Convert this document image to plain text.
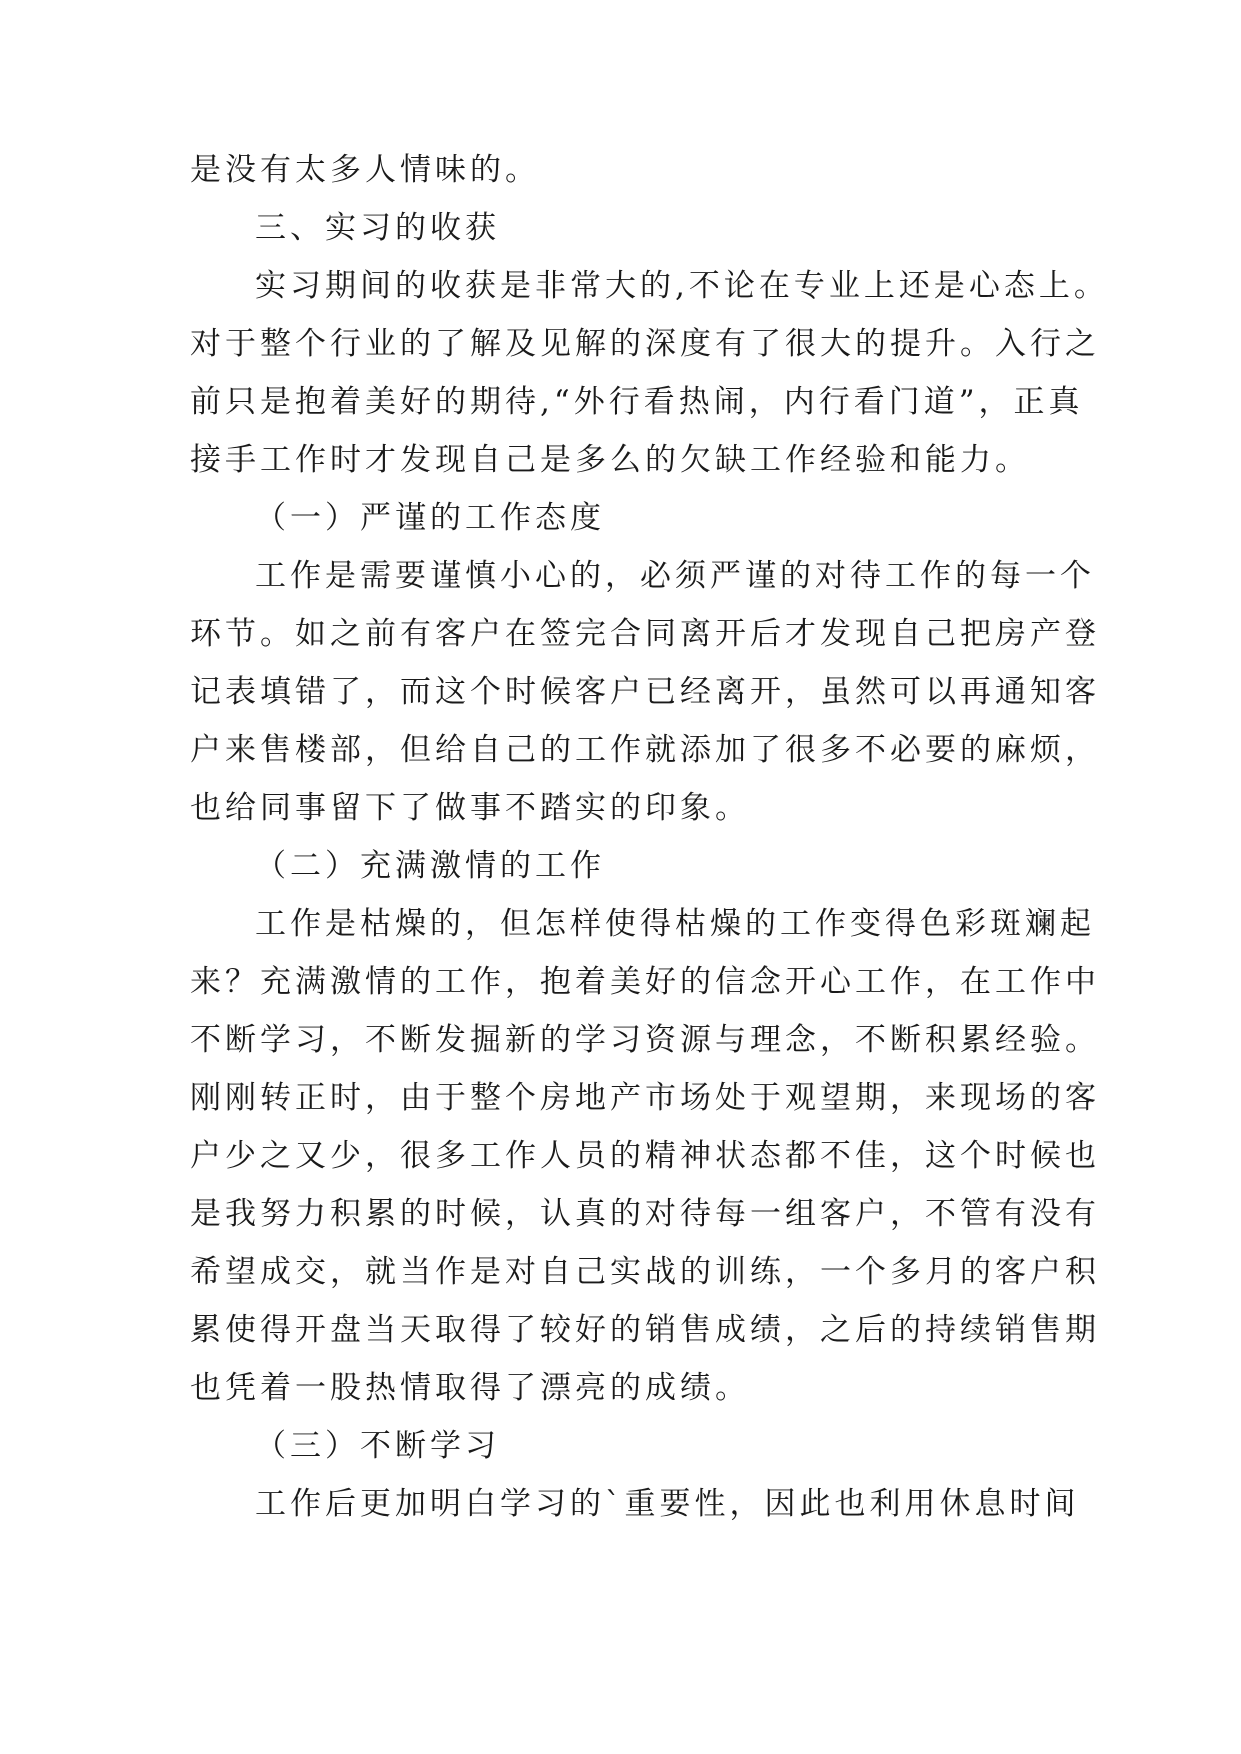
是没有太多人情味的。
三、实习的收获
实习期间的收获是非常大的,不论在专业上还是心态上。
对于整个行业的了解及见解的深度有了很大的提升。入行之
前只是抱着美好的期待,“外行看热闹，内行看门道”，正真
接手工作时才发现自己是多么的欠缺工作经验和能力。
（一）严谨的工作态度
工作是需要谨慎小心的，必须严谨的对待工作的每一个
环节。如之前有客户在签完合同离开后才发现自己把房产登
记表填错了，而这个时候客户已经离开，虽然可以再通知客
户来售楼部，但给自己的工作就添加了很多不必要的麻烦，
也给同事留下了做事不踏实的印象。
（二）充满激情的工作
工作是枯燥的，但怎样使得枯燥的工作变得色彩斑斓起
来？充满激情的工作，抱着美好的信念开心工作，在工作中
不断学习，不断发掘新的学习资源与理念，不断积累经验。
刚刚转正时，由于整个房地产市场处于观望期，来现场的客
户少之又少，很多工作人员的精神状态都不佳，这个时候也
是我努力积累的时候，认真的对待每一组客户，不管有没有
希望成交，就当作是对自己实战的训练，一个多月的客户积
累使得开盘当天取得了较好的销售成绩，之后的持续销售期
也凭着一股热情取得了漂亮的成绩。
（三）不断学习
工作后更加明白学习的`重要性，因此也利用休息时间
